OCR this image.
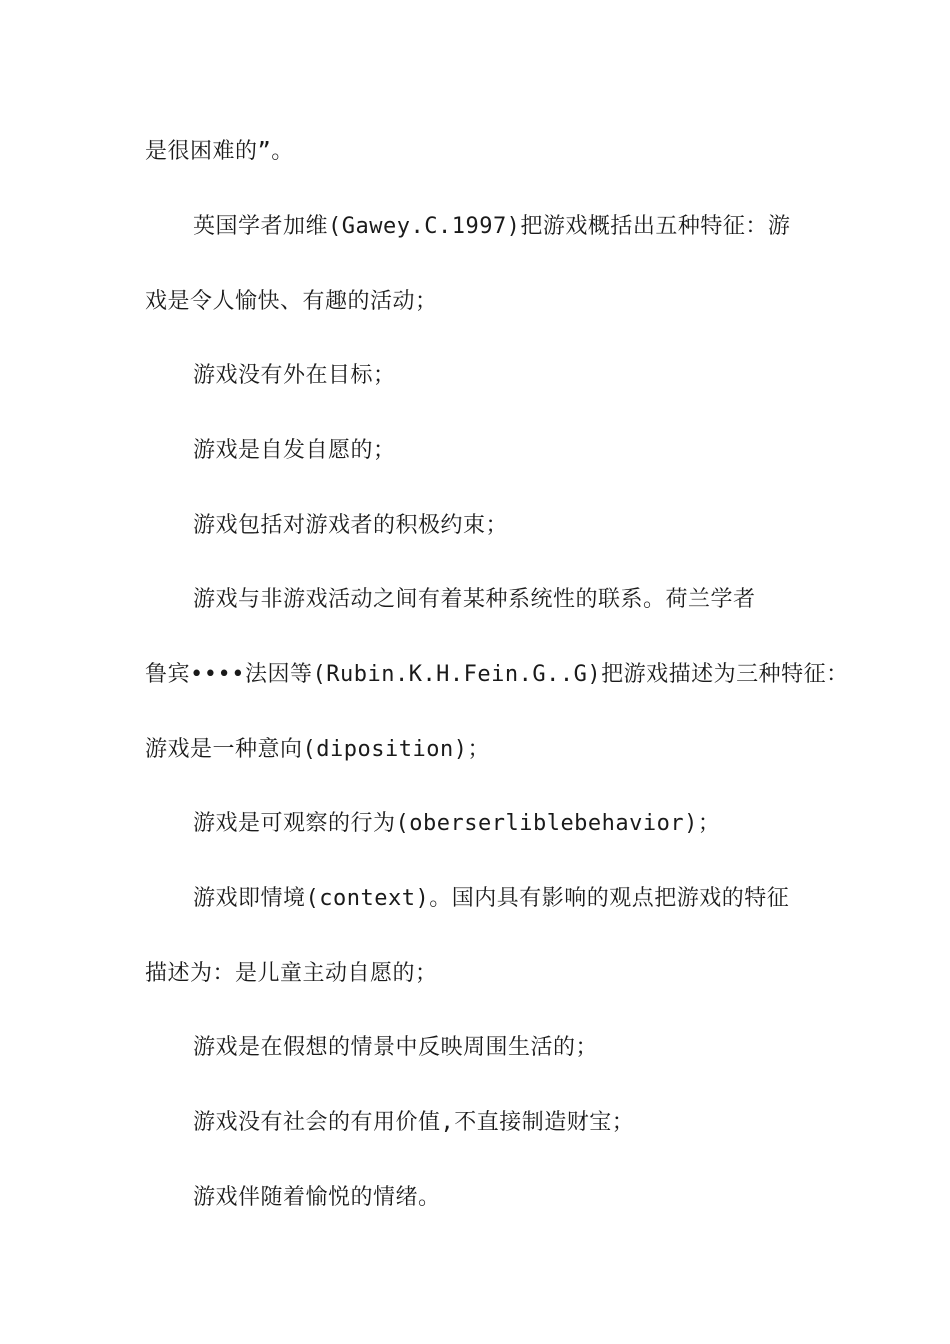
是很困难的”。
英国学者加维(Gawey.C.1997)把游戏概括出五种特征：游
戏是令人愉快、有趣的活动；
游戏没有外在目标；
游戏是自发自愿的；
游戏包括对游戏者的积极约束；
游戏与非游戏活动之间有着某种系统性的联系。荷兰学者
鲁宾••••法因等(Rubin.K.H.Fein.G..G)把游戏描述为三种特征：
游戏是一种意向(diposition)；
游戏是可观察的行为(oberserliblebehavior)；
游戏即情境(context)。国内具有影响的观点把游戏的特征
描述为：是儿童主动自愿的；
游戏是在假想的情景中反映周围生活的；
游戏没有社会的有用价值,不直接制造财宝；
游戏伴随着愉悦的情绪。
